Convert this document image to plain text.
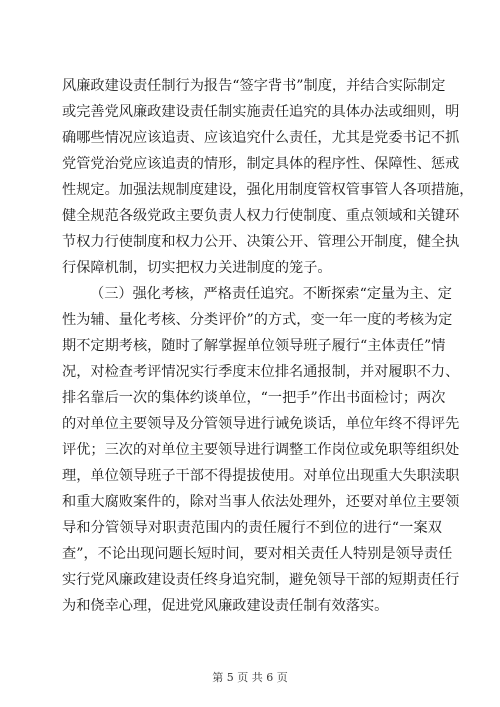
风廉政建设责任制行为报告“签字背书”制度，并结合实际制定
或完善党风廉政建设责任制实施责任追究的具体办法或细则，明
确哪些情况应该追责、应该追究什么责任，尤其是党委书记不抓
党管党治党应该追责的情形，制定具体的程序性、保障性、惩戒
性规定。加强法规制度建设，强化用制度管权管事管人各项措施，
健全规范各级党政主要负责人权力行使制度、重点领域和关键环
节权力行使制度和权力公开、决策公开、管理公开制度，健全执
行保障机制，切实把权力关进制度的笼子。
（三）强化考核，严格责任追究。不断探索“定量为主、定
性为辅、量化考核、分类评价”的方式，变一年一度的考核为定
期不定期考核，随时了解掌握单位领导班子履行“主体责任”情
况，对检查考评情况实行季度末位排名通报制，并对履职不力、
排名靠后一次的集体约谈单位，“一把手”作出书面检讨；两次
的对单位主要领导及分管领导进行诫免谈话，单位年终不得评先
评优；三次的对单位主要领导进行调整工作岗位或免职等组织处
理，单位领导班子干部不得提拔使用。对单位出现重大失职渎职
和重大腐败案件的，除对当事人依法处理外，还要对单位主要领
导和分管领导对职责范围内的责任履行不到位的进行“一案双
查”，不论出现问题长短时间，要对相关责任人特别是领导责任
实行党风廉政建设责任终身追究制，避免领导干部的短期责任行
为和侥幸心理，促进党风廉政建设责任制有效落实。
第 5 页 共 6 页
